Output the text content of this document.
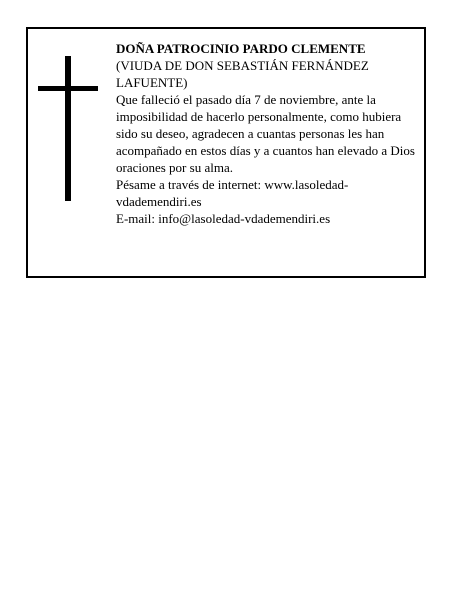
DOÑA PATROCINIO PARDO CLEMENTE

(VIUDA DE DON SEBASTIÁN FERNÁNDEZ LAFUENTE)

Que falleció el pasado día 7 de noviembre, ante la imposibilidad de hacerlo personalmente, como hubiera sido su deseo, agradecen a cuantas personas les han acompañado en estos días y a cuantos han elevado a Dios oraciones por su alma.

Pésame a través de internet: www.lasoledad-vdademendiri.es

E-mail: info@lasoledad-vdademendiri.es
